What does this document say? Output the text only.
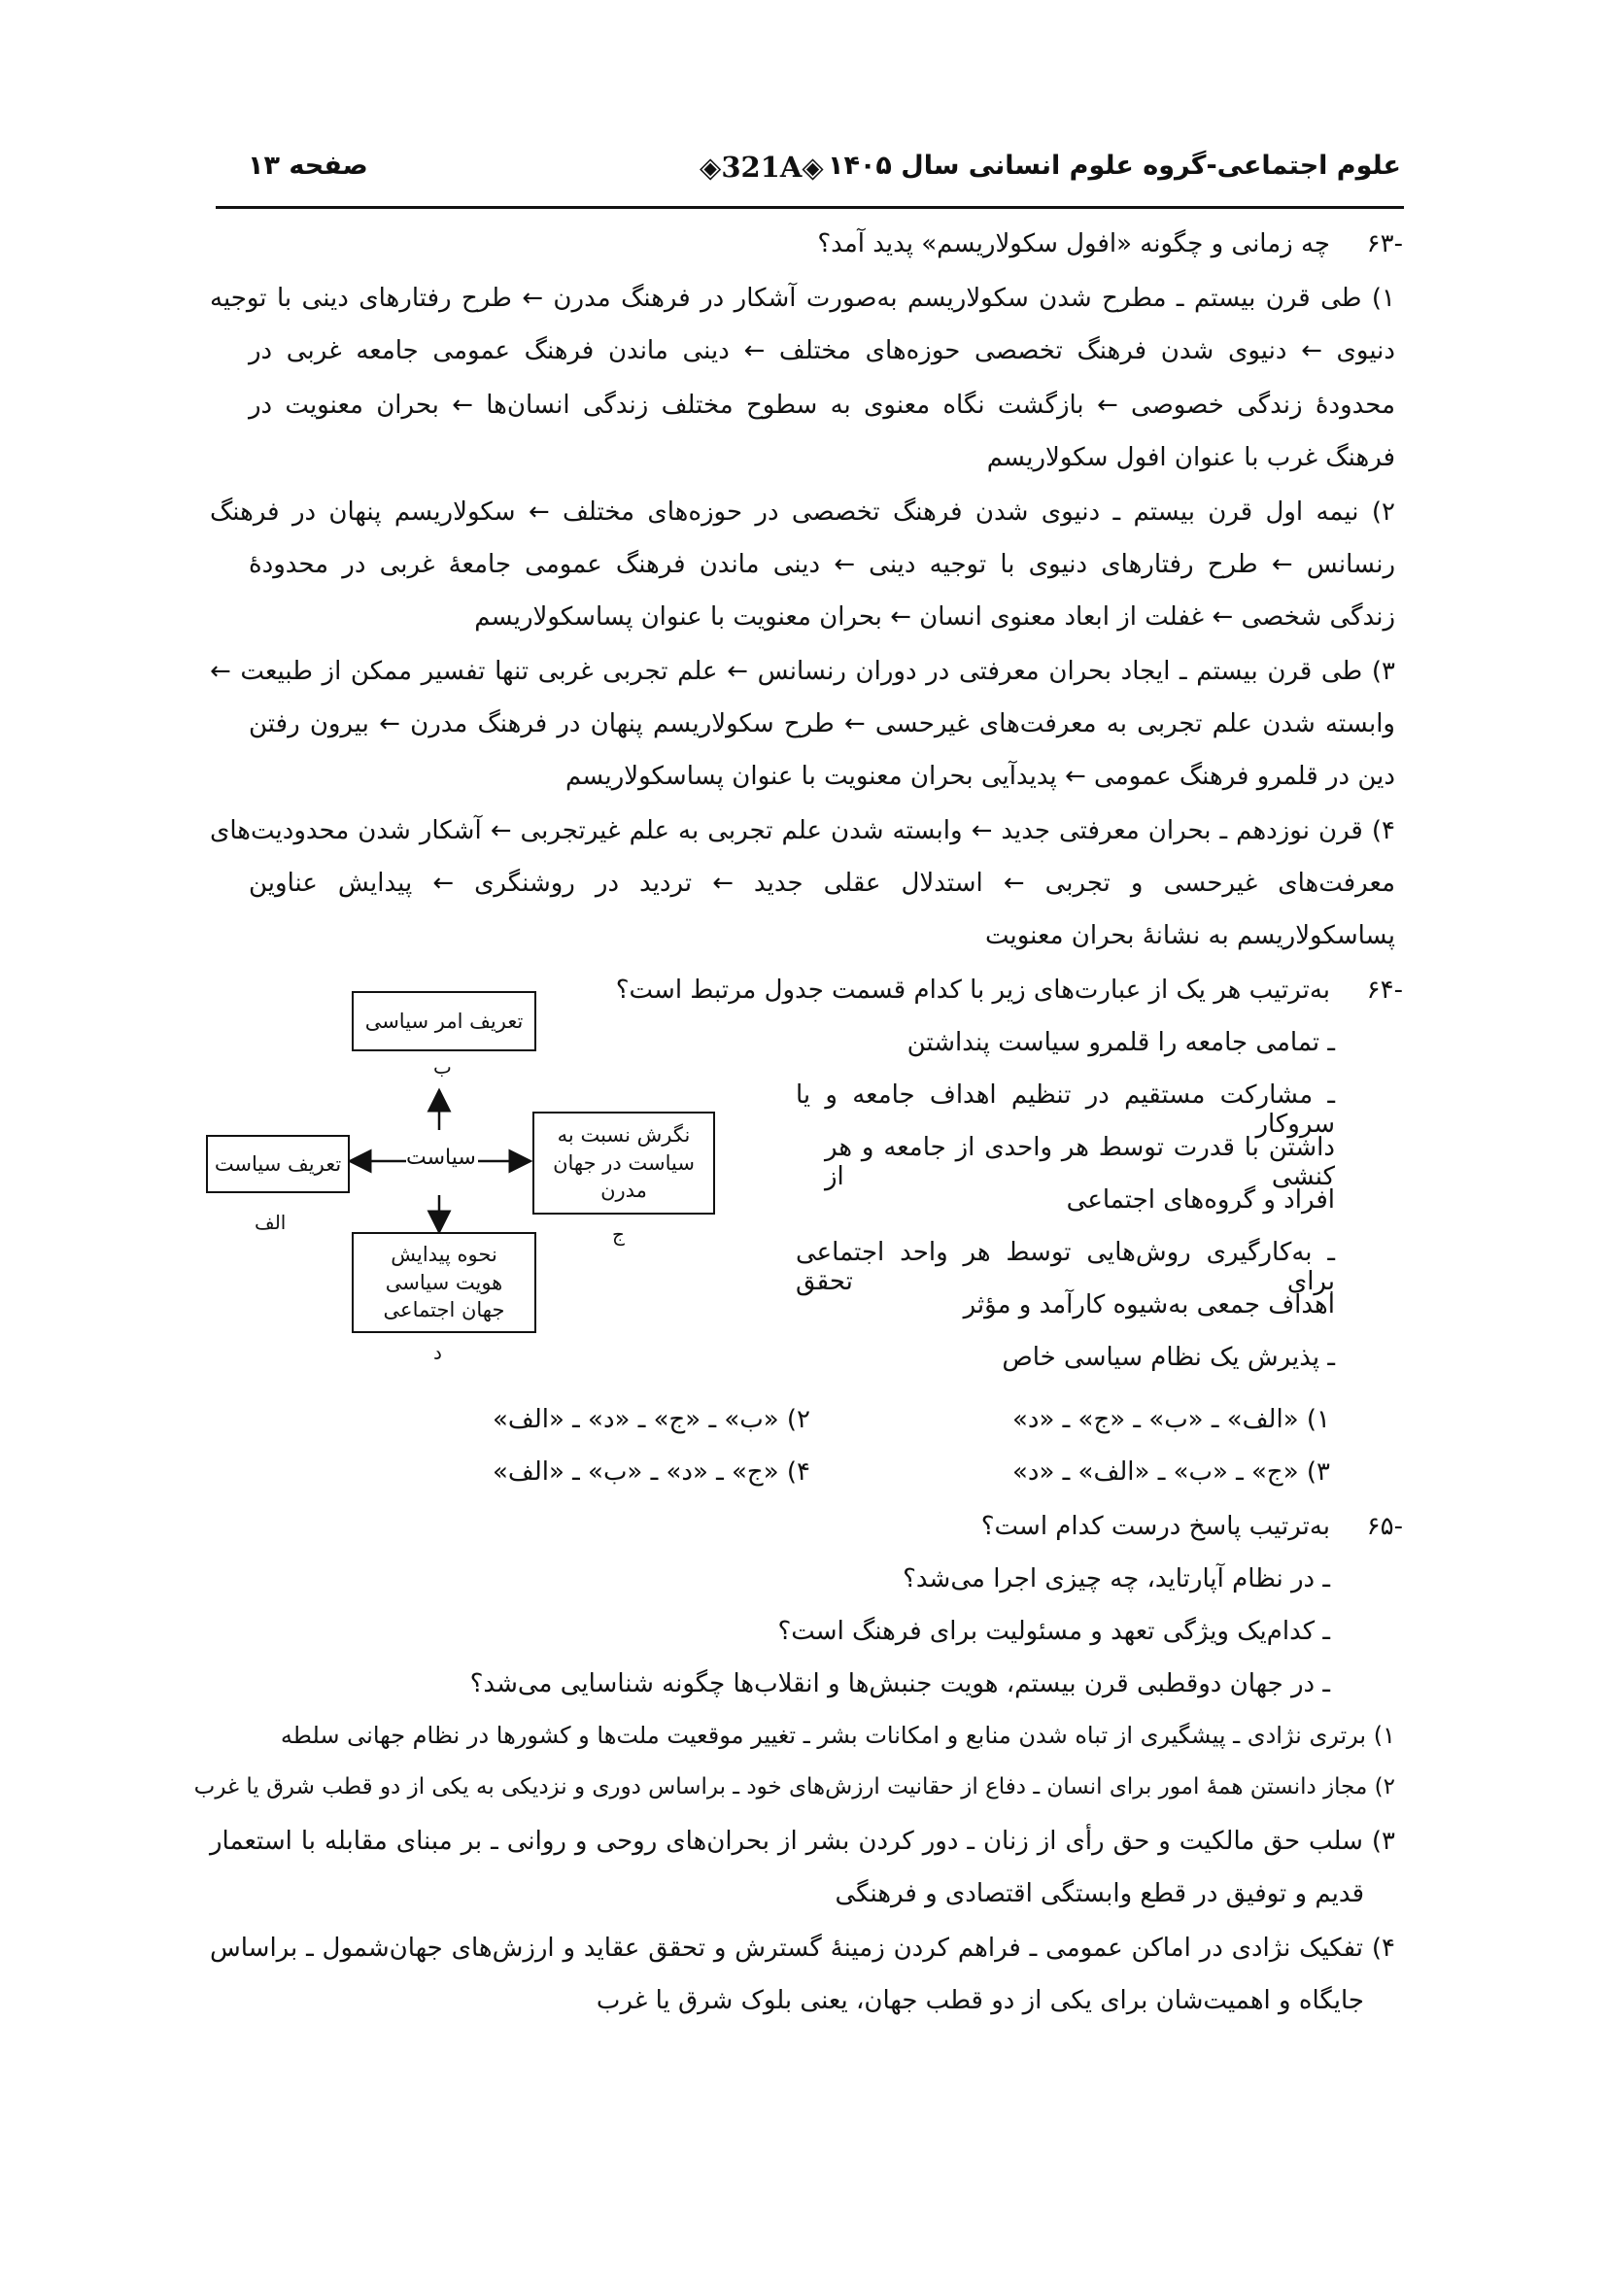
علوم اجتماعی-گروه علوم انسانی سال ۱۴۰۵
◈321A◈
صفحه ۱۳
-۶۳
چه زمانی و چگونه «افول سکولاریسم» پدید آمد؟
۱) طی قرن بیستم ـ مطرح شدن سکولاریسم به‌صورت آشکار در فرهنگ مدرن ← طرح رفتارهای دینی با توجیه
دنیوی ← دنیوی شدن فرهنگ تخصصی حوزه‌های مختلف ← دینی ماندن فرهنگ عمومی جامعه غربی در
محدودهٔ زندگی خصوصی ← بازگشت نگاه معنوی به سطوح مختلف زندگی انسان‌ها ← بحران معنویت در
فرهنگ غرب با عنوان افول سکولاریسم
۲) نیمه اول قرن بیستم ـ دنیوی شدن فرهنگ تخصصی در حوزه‌های مختلف ← سکولاریسم پنهان در فرهنگ
رنسانس ← طرح رفتارهای دنیوی با توجیه دینی ← دینی ماندن فرهنگ عمومی جامعهٔ غربی در محدودهٔ
زندگی شخصی ← غفلت از ابعاد معنوی انسان ← بحران معنویت با عنوان پساسکولاریسم
۳) طی قرن بیستم ـ ایجاد بحران معرفتی در دوران رنسانس ← علم تجربی غربی تنها تفسیر ممکن از طبیعت ←
وابسته شدن علم تجربی به معرفت‌های غیرحسی ← طرح سکولاریسم پنهان در فرهنگ مدرن ← بیرون رفتن
دین در قلمرو فرهنگ عمومی ← پدیدآیی بحران معنویت با عنوان پساسکولاریسم
۴) قرن نوزدهم ـ بحران معرفتی جدید ← وابسته شدن علم تجربی به علم غیرتجربی ← آشکار شدن محدودیت‌های
معرفت‌های غیرحسی و تجربی ← استدلال عقلی جدید ← تردید در روشنگری ← پیدایش عناوین
پساسکولاریسم به نشانهٔ بحران معنویت
-۶۴
به‌ترتیب هر یک از عبارت‌های زیر با کدام قسمت جدول مرتبط است؟
ـ تمامی جامعه را قلمرو سیاست پنداشتن
ـ مشارکت مستقیم در تنظیم اهداف جامعه و یا سروکار
داشتن با قدرت توسط هر واحدی از جامعه و هر کنشی از
افراد و گروه‌های اجتماعی
ـ به‌کارگیری روش‌هایی توسط هر واحد اجتماعی برای تحقق
اهداف جمعی به‌شیوه کارآمد و مؤثر
ـ پذیرش یک نظام سیاسی خاص
تعریف امر سیاسی
ب
سیاست
تعریف سیاست
الف
نگرش نسبت به سیاست در جهان مدرن
ج
نحوه پیدایش هویت سیاسی جهان اجتماعی
د
۱) «الف» ـ «ب» ـ «ج» ـ «د»
۲) «ب» ـ «ج» ـ «د» ـ «الف»
۳) «ج» ـ «ب» ـ «الف» ـ «د»
۴) «ج» ـ «د» ـ «ب» ـ «الف»
-۶۵
به‌ترتیب پاسخ درست کدام است؟
ـ در نظام آپارتاید، چه چیزی اجرا می‌شد؟
ـ کدام‌یک ویژگی تعهد و مسئولیت برای فرهنگ است؟
ـ در جهان دوقطبی قرن بیستم، هویت جنبش‌ها و انقلاب‌ها چگونه شناسایی می‌شد؟
۱) برتری نژادی ـ پیشگیری از تباه شدن منابع و امکانات بشر ـ تغییر موقعیت ملت‌ها و کشورها در نظام جهانی سلطه
۲) مجاز دانستن همهٔ امور برای انسان ـ دفاع از حقانیت ارزش‌های خود ـ براساس دوری و نزدیکی به یکی از دو قطب شرق یا غرب
۳) سلب حق مالکیت و حق رأی از زنان ـ دور کردن بشر از بحران‌های روحی و روانی ـ بر مبنای مقابله با استعمار
قدیم و توفیق در قطع وابستگی اقتصادی و فرهنگی
۴) تفکیک نژادی در اماکن عمومی ـ فراهم کردن زمینهٔ گسترش و تحقق عقاید و ارزش‌های جهان‌شمول ـ براساس
جایگاه و اهمیت‌شان برای یکی از دو قطب جهان، یعنی بلوک شرق یا غرب
